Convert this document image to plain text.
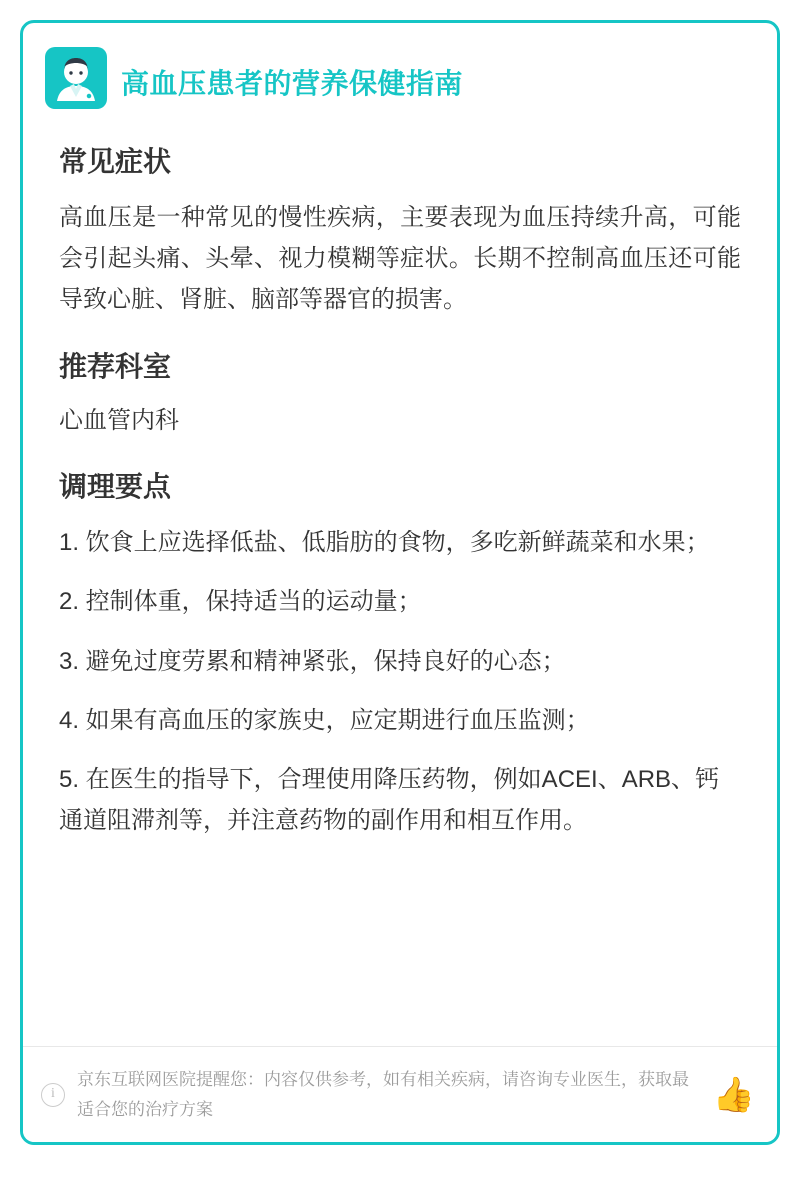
高血压患者的营养保健指南
常见症状

高血压是一种常见的慢性疾病，主要表现为血压持续升高，可能会引起头痛、头晕、视力模糊等症状。长期不控制高血压还可能导致心脏、肾脏、脑部等器官的损害。

推荐科室

心血管内科

调理要点
1. 饮食上应选择低盐、低脂肪的食物，多吃新鲜蔬菜和水果；
2. 控制体重，保持适当的运动量；
3. 避免过度劳累和精神紧张，保持良好的心态；
4. 如果有高血压的家族史，应定期进行血压监测；
5. 在医生的指导下，合理使用降压药物，例如ACEI、ARB、钙通道阻滞剂等，并注意药物的副作用和相互作用。
i
京东互联网医院提醒您：内容仅供参考，如有相关疾病，请咨询专业医生，获取最适合您的治疗方案	👍
